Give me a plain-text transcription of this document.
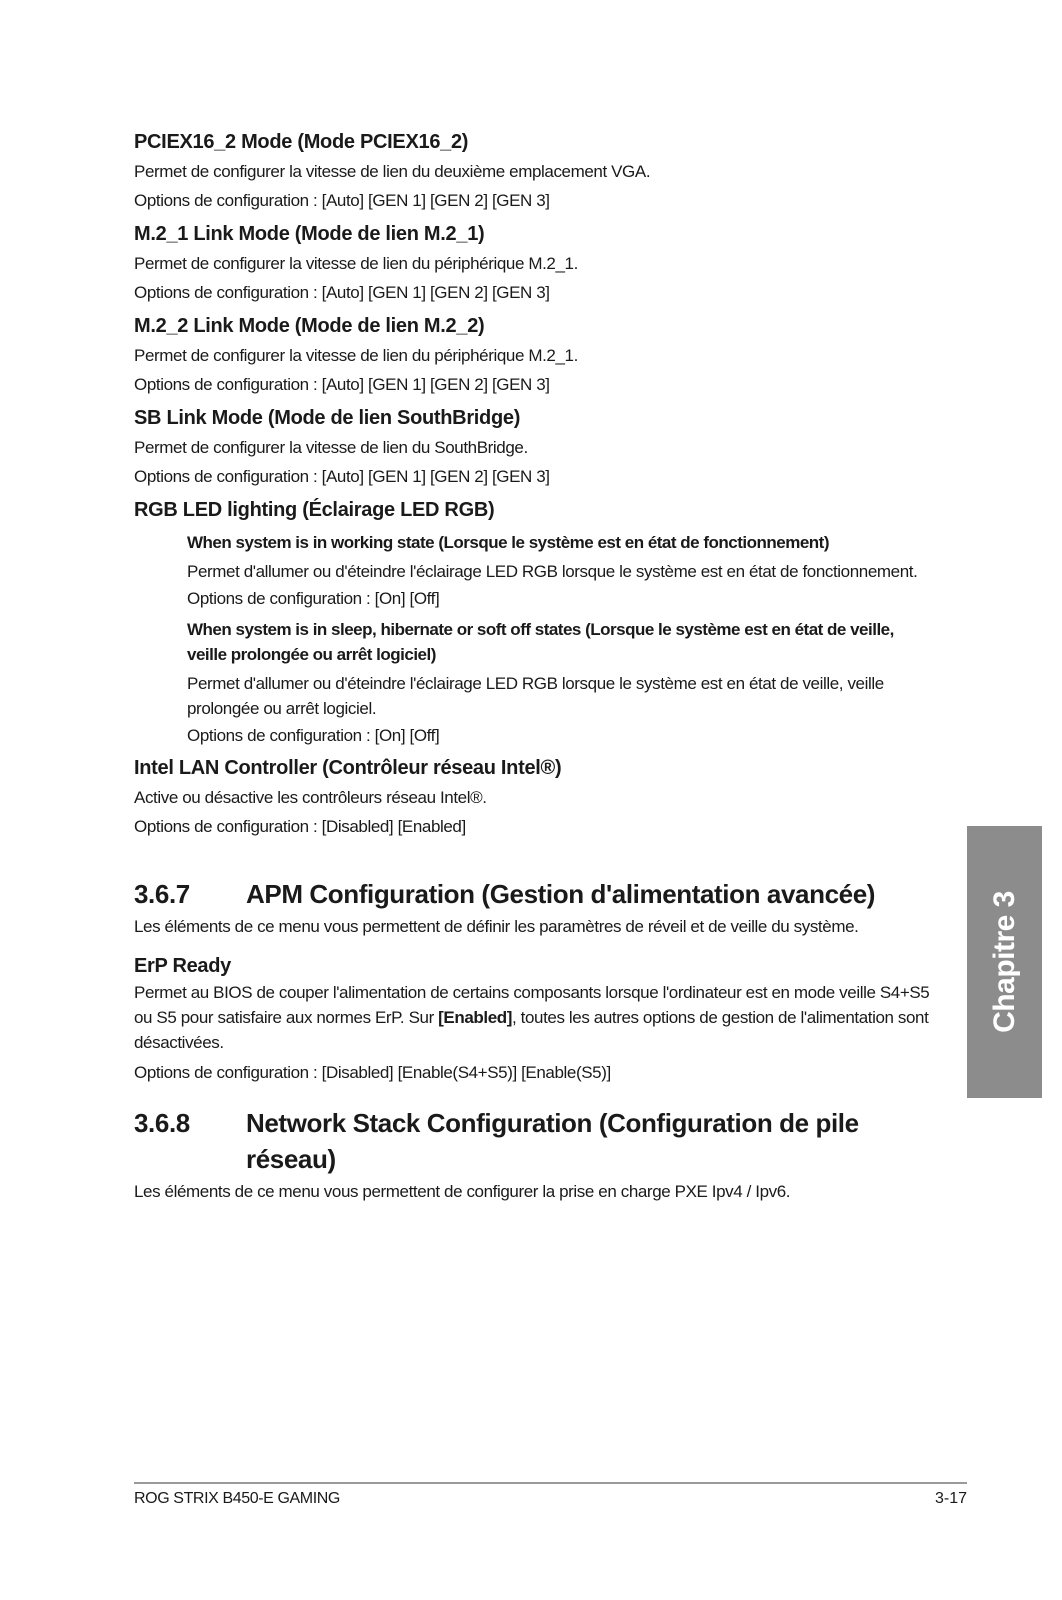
PCIEX16_2 Mode (Mode PCIEX16_2)

Permet de configurer la vitesse de lien du deuxième emplacement VGA.

Options de configuration : [Auto] [GEN 1] [GEN 2] [GEN 3]

M.2_1 Link Mode (Mode de lien M.2_1)

Permet de configurer la vitesse de lien du périphérique M.2_1.

Options de configuration : [Auto] [GEN 1] [GEN 2] [GEN 3]

M.2_2 Link Mode (Mode de lien M.2_2)

Permet de configurer la vitesse de lien du périphérique M.2_1.

Options de configuration : [Auto] [GEN 1] [GEN 2] [GEN 3]

SB Link Mode (Mode de lien SouthBridge)

Permet de configurer la vitesse de lien du SouthBridge.

Options de configuration : [Auto] [GEN 1] [GEN 2] [GEN 3]

RGB LED lighting (Éclairage LED RGB)
When system is in working state (Lorsque le système est en état de fonctionnement)

Permet d'allumer ou d'éteindre l'éclairage LED RGB lorsque le système est en état de fonctionnement.

Options de configuration : [On] [Off]

When system is in sleep, hibernate or soft off states (Lorsque le système est en état de veille, veille prolongée ou arrêt logiciel)

Permet d'allumer ou d'éteindre l'éclairage LED RGB lorsque le système est en état de veille, veille prolongée ou arrêt logiciel.

Options de configuration : [On] [Off]

Intel LAN Controller (Contrôleur réseau Intel®)

Active ou désactive les contrôleurs réseau Intel®.

Options de configuration : [Disabled] [Enabled]

3.6.7	APM Configuration (Gestion d'alimentation avancée)

Les éléments de ce menu vous permettent de définir les paramètres de réveil et de veille du système.

ErP Ready

Permet au BIOS de couper l'alimentation de certains composants lorsque l'ordinateur est en mode veille S4+S5 ou S5 pour satisfaire aux normes ErP. Sur [Enabled], toutes les autres options de gestion de l'alimentation sont désactivées.

Options de configuration : [Disabled] [Enable(S4+S5)] [Enable(S5)]

3.6.8	Network Stack Configuration (Configuration de pile réseau)

Les éléments de ce menu vous permettent de configurer la prise en charge PXE Ipv4 / Ipv6.

Chapitre 3
ROG STRIX B450-E GAMING	3-17
